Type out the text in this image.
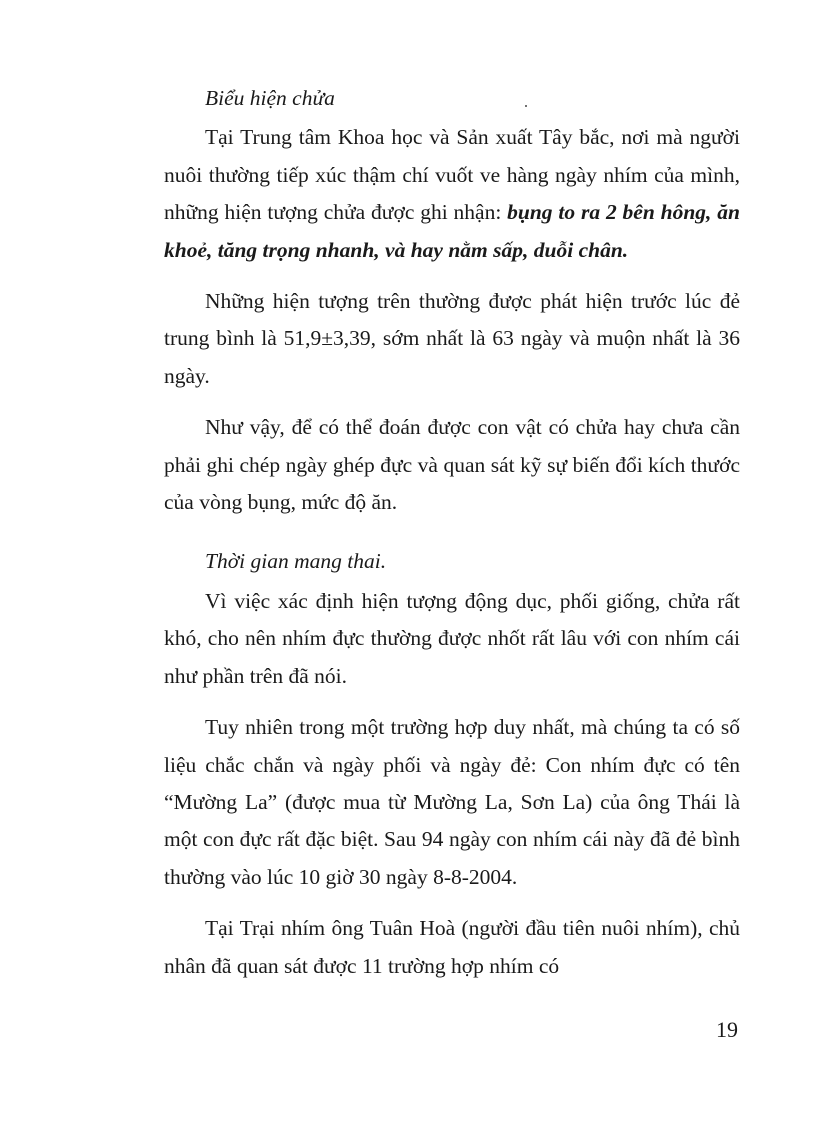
Biểu hiện chửa

Tại Trung tâm Khoa học và Sản xuất Tây bắc, nơi mà người nuôi thường tiếp xúc thậm chí vuốt ve hàng ngày nhím của mình, những hiện tượng chửa được ghi nhận: bụng to ra 2 bên hông, ăn khoẻ, tăng trọng nhanh, và hay nằm sấp, duỗi chân.

Những hiện tượng trên thường được phát hiện trước lúc đẻ trung bình là 51,9±3,39, sớm nhất là 63 ngày và muộn nhất là 36 ngày.

Như vậy, để có thể đoán được con vật có chửa hay chưa cần phải ghi chép ngày ghép đực và quan sát kỹ sự biến đổi kích thước của vòng bụng, mức độ ăn.

Thời gian mang thai.

Vì việc xác định hiện tượng động dục, phối giống, chửa rất khó, cho nên nhím đực thường được nhốt rất lâu với con nhím cái như phần trên đã nói.

Tuy nhiên trong một trường hợp duy nhất, mà chúng ta có số liệu chắc chắn và ngày phối và ngày đẻ: Con nhím đực có tên “Mường La” (được mua từ Mường La, Sơn La) của ông Thái là một con đực rất đặc biệt. Sau 94 ngày con nhím cái này đã đẻ bình thường vào lúc 10 giờ 30 ngày 8-8-2004.

Tại Trại nhím ông Tuân Hoà (người đầu tiên nuôi nhím), chủ nhân đã quan sát được 11 trường hợp nhím có

19
